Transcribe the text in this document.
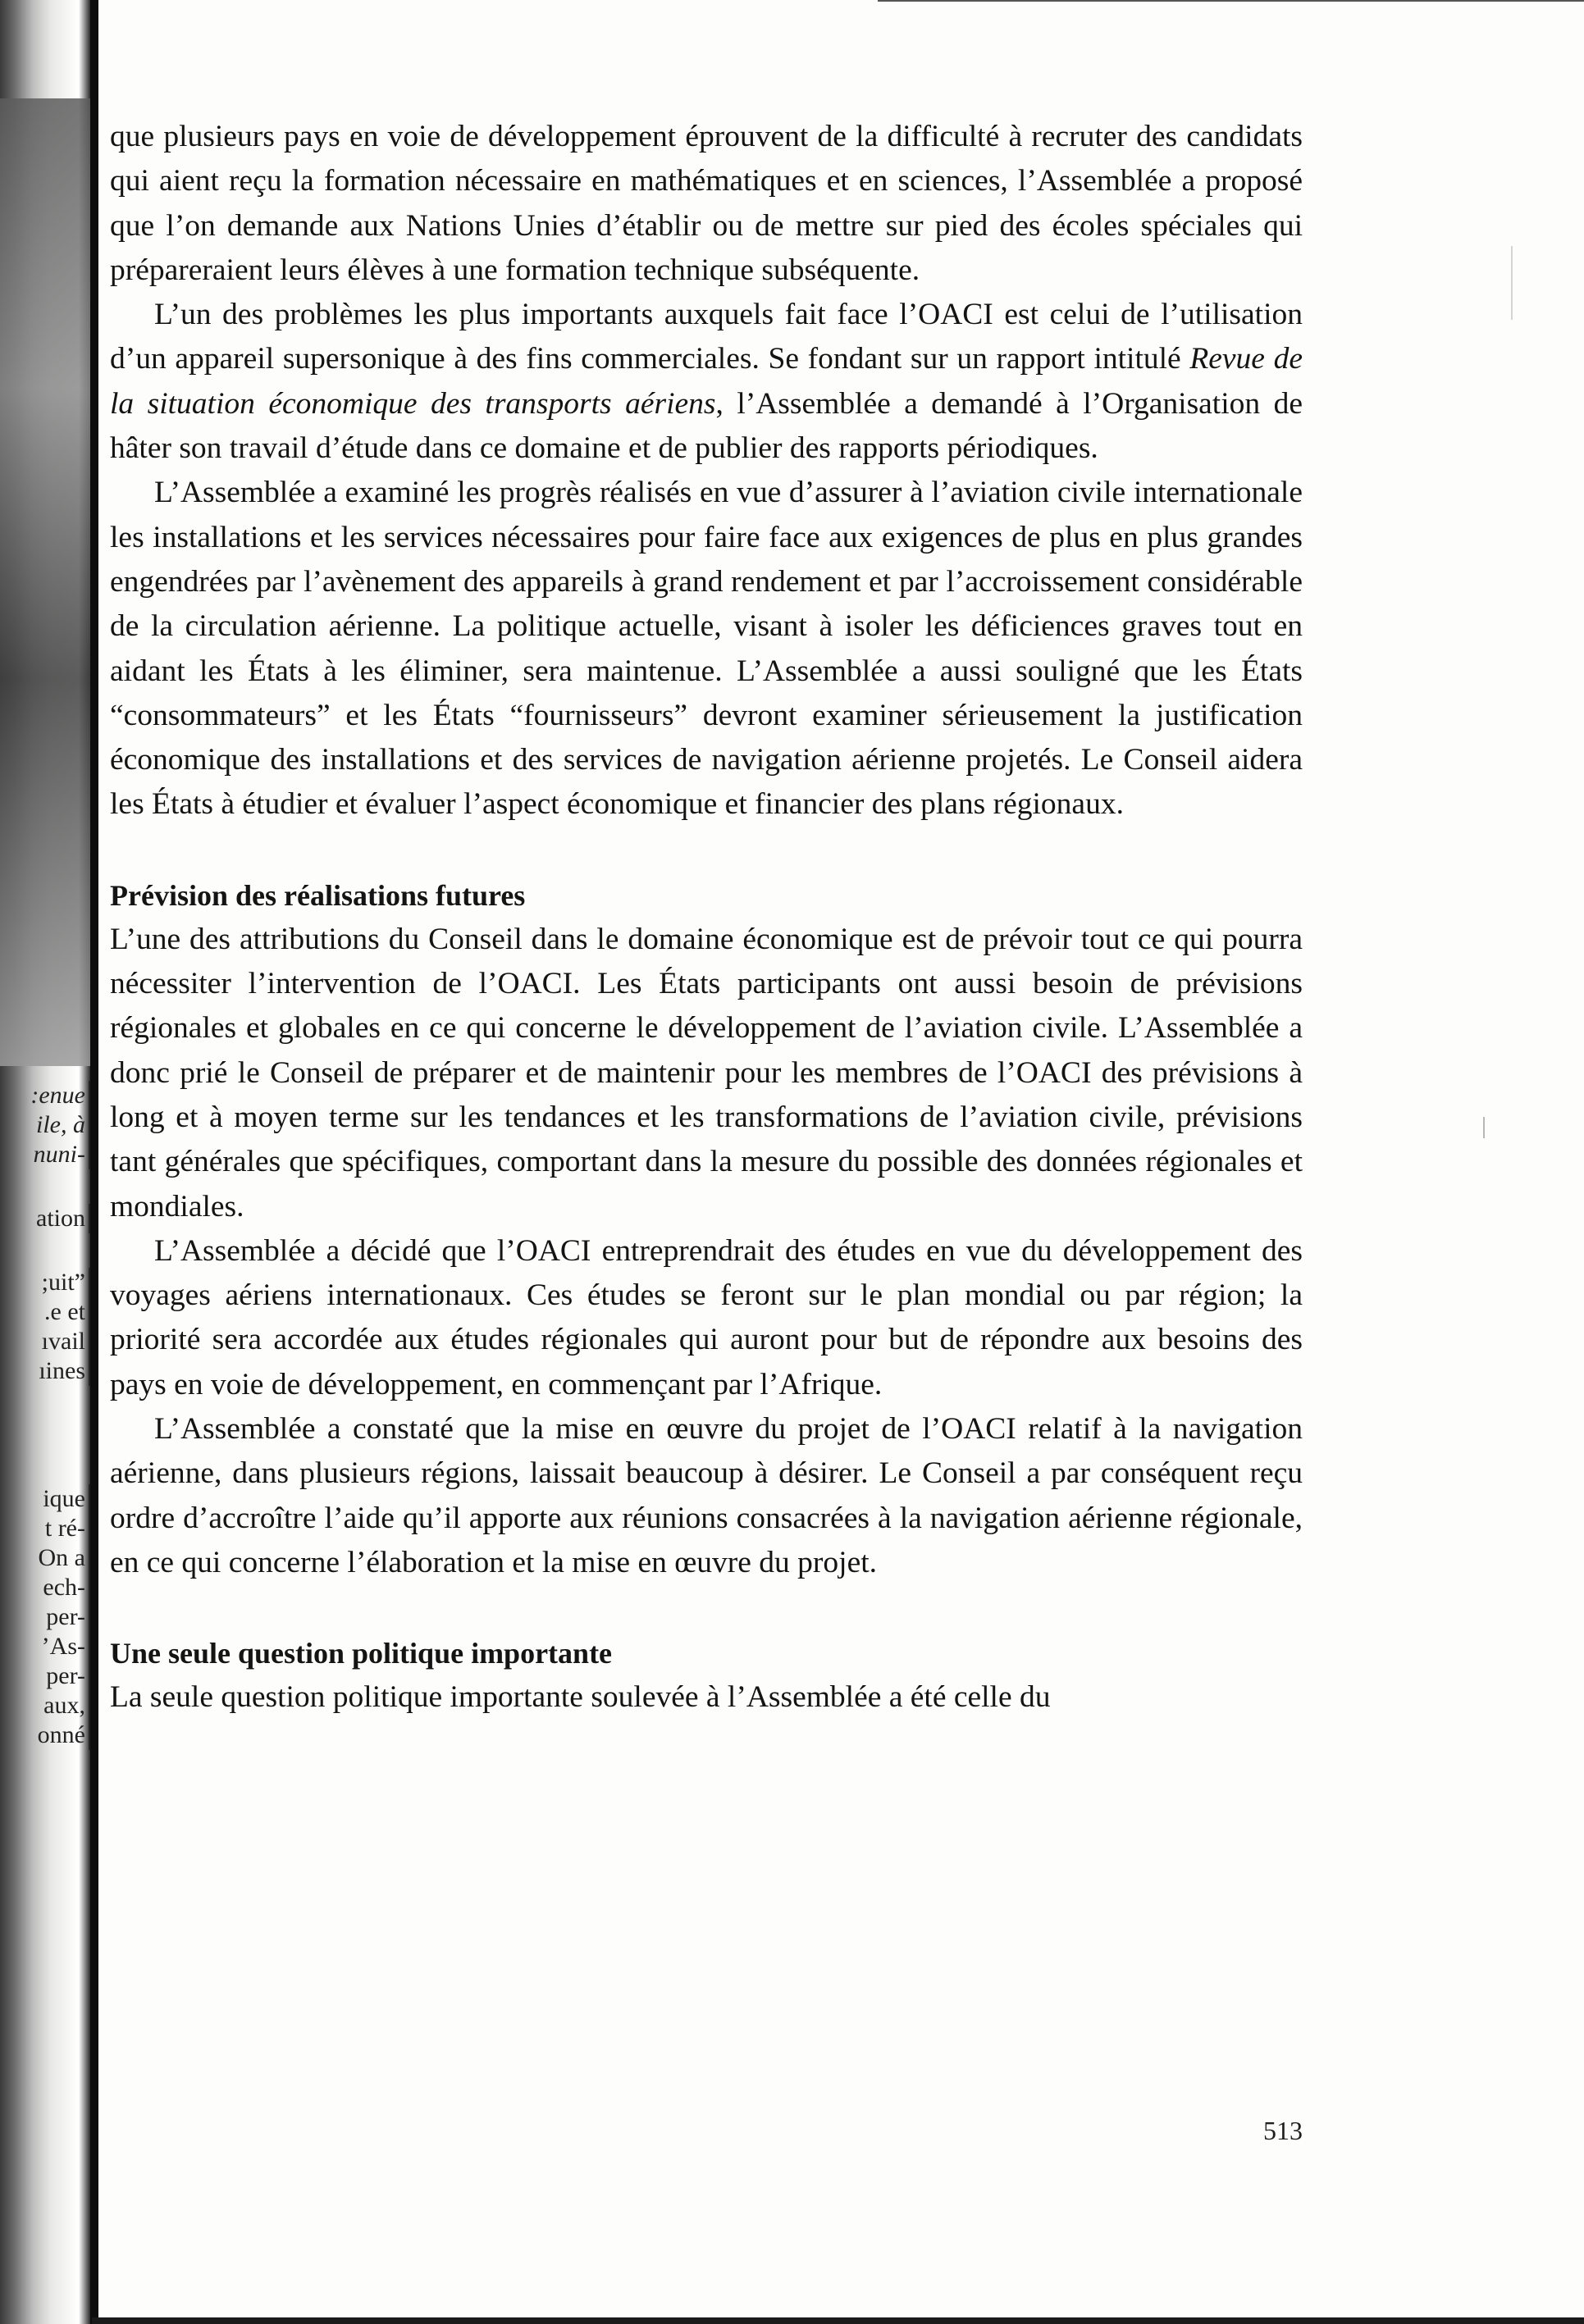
:enue
ile, à
nuni-
ation
;uit”
.e et
ıvail
ıines
ique
t ré-
On a
ech-
per-
’As-
per-
aux,
onné

que plusieurs pays en voie de développement éprouvent de la difficulté à recruter des candidats qui aient reçu la formation nécessaire en mathématiques et en sciences, l’Assemblée a proposé que l’on demande aux Nations Unies d’établir ou de mettre sur pied des écoles spéciales qui prépareraient leurs élèves à une formation technique subséquente.

L’un des problèmes les plus importants auxquels fait face l’OACI est celui de l’utilisation d’un appareil supersonique à des fins commerciales. Se fondant sur un rapport intitulé Revue de la situation économique des transports aériens, l’Assemblée a demandé à l’Organisation de hâter son travail d’étude dans ce domaine et de publier des rapports périodiques.

L’Assemblée a examiné les progrès réalisés en vue d’assurer à l’aviation civile internationale les installations et les services nécessaires pour faire face aux exigences de plus en plus grandes engendrées par l’avènement des appareils à grand rendement et par l’accroissement considérable de la circulation aérienne. La politique actuelle, visant à isoler les déficiences graves tout en aidant les États à les éliminer, sera maintenue. L’Assemblée a aussi souligné que les États “consommateurs” et les États “fournisseurs” devront examiner sérieusement la justification économique des installations et des services de navigation aérienne projetés. Le Conseil aidera les États à étudier et évaluer l’aspect économique et financier des plans régionaux.

Prévision des réalisations futures

L’une des attributions du Conseil dans le domaine économique est de prévoir tout ce qui pourra nécessiter l’intervention de l’OACI. Les États participants ont aussi besoin de prévisions régionales et globales en ce qui concerne le développement de l’aviation civile. L’Assemblée a donc prié le Conseil de préparer et de maintenir pour les membres de l’OACI des prévisions à long et à moyen terme sur les tendances et les transformations de l’aviation civile, prévisions tant générales que spécifiques, comportant dans la mesure du possible des données régionales et mondiales.

L’Assemblée a décidé que l’OACI entreprendrait des études en vue du développement des voyages aériens internationaux. Ces études se feront sur le plan mondial ou par région; la priorité sera accordée aux études régionales qui auront pour but de répondre aux besoins des pays en voie de développement, en commençant par l’Afrique.

L’Assemblée a constaté que la mise en œuvre du projet de l’OACI relatif à la navigation aérienne, dans plusieurs régions, laissait beaucoup à désirer. Le Conseil a par conséquent reçu ordre d’accroître l’aide qu’il apporte aux réunions consacrées à la navigation aérienne régionale, en ce qui concerne l’élaboration et la mise en œuvre du projet.

Une seule question politique importante

La seule question politique importante soulevée à l’Assemblée a été celle du

513
